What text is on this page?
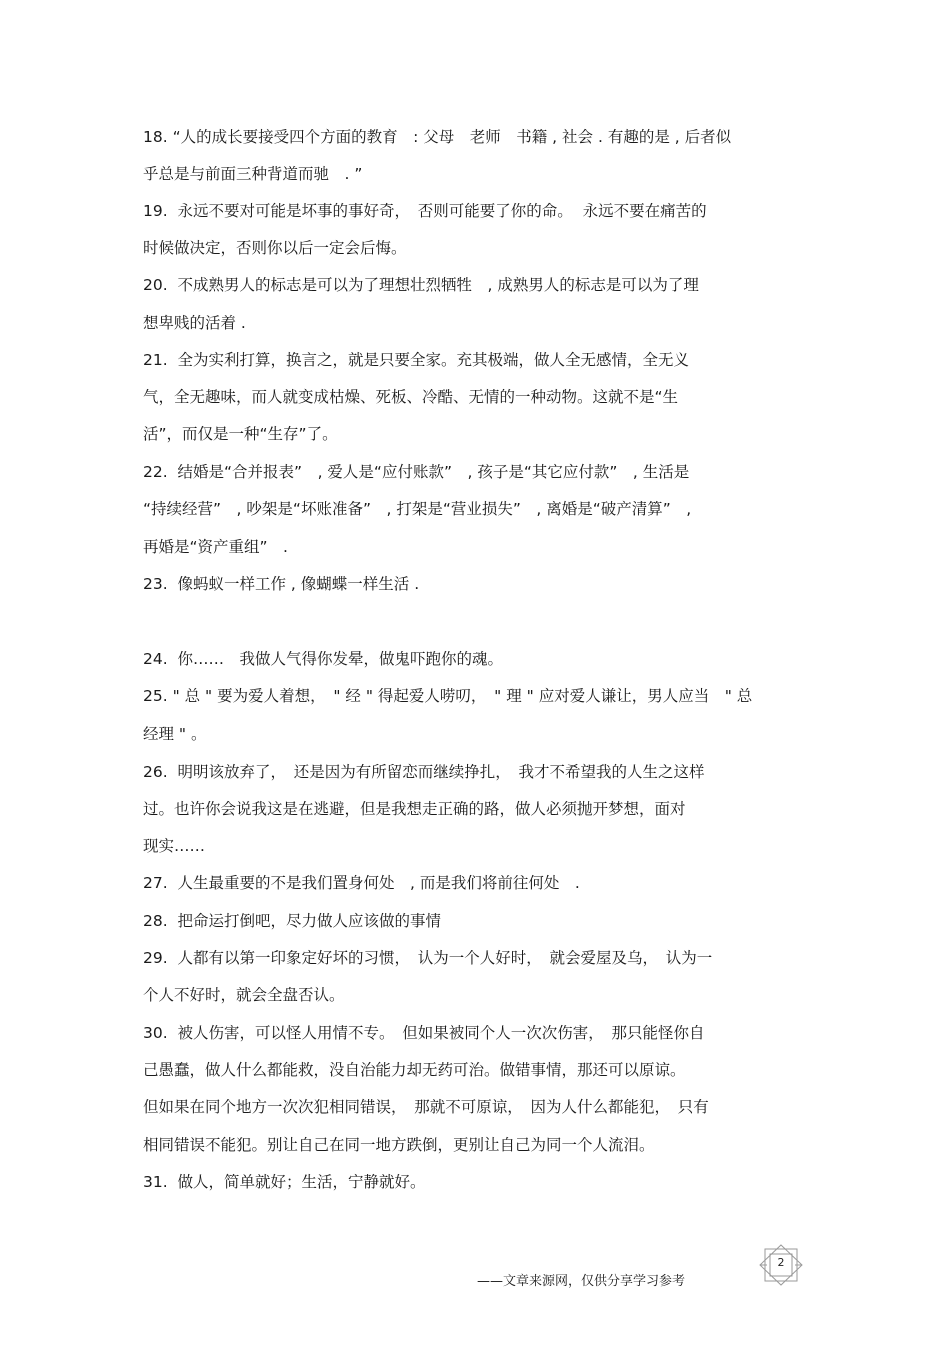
18. “人的成长要接受四个方面的教育　: 父母　老师　书籍 , 社会 . 有趣的是 , 后者似
乎总是与前面三种背道而驰　. ”
19.  永远不要对可能是坏事的事好奇，　否则可能要了你的命。  永远不要在痛苦的
时候做决定，否则你以后一定会后悔。
20.  不成熟男人的标志是可以为了理想壮烈牺牲　, 成熟男人的标志是可以为了理
想卑贱的活着 .
21.  全为实利打算，换言之，就是只要全家。充其极端，做人全无感情，全无义
气，全无趣味，而人就变成枯燥、死板、冷酷、无情的一种动物。这就不是“生
活”，而仅是一种“生存”了。
22.  结婚是“合并报表”　, 爱人是“应付账款”　, 孩子是“其它应付款”　, 生活是
“持续经营”　, 吵架是“坏账准备”　, 打架是“营业损失”　, 离婚是“破产清算”　,
再婚是“资产重组”　.
23.  像蚂蚁一样工作 , 像蝴蝶一样生活 .
24.  你……　我做人气得你发晕，做鬼吓跑你的魂。
25. " 总 " 要为爱人着想，　" 经 " 得起爱人唠叨，　" 理 " 应对爱人谦让，男人应当　" 总
经理 " 。
26.  明明该放弃了，　还是因为有所留恋而继续挣扎，　我才不希望我的人生之这样
过。也许你会说我这是在逃避，但是我想走正确的路，做人必须抛开梦想，面对
现实……
27.  人生最重要的不是我们置身何处　, 而是我们将前往何处　.
28.  把命运打倒吧，尽力做人应该做的事情
29.  人都有以第一印象定好坏的习惯，　认为一个人好时，　就会爱屋及乌，　认为一
个人不好时，就会全盘否认。
30.  被人伤害，可以怪人用情不专。　但如果被同个人一次次伤害，　那只能怪你自
己愚蠢，做人什么都能救，没自治能力却无药可治。做错事情，那还可以原谅。
但如果在同个地方一次次犯相同错误，　那就不可原谅，　因为人什么都能犯，　只有
相同错误不能犯。别让自己在同一地方跌倒，更别让自己为同一个人流泪。
31.  做人，简单就好；生活，宁静就好。
——文章来源网，仅供分享学习参考
2
